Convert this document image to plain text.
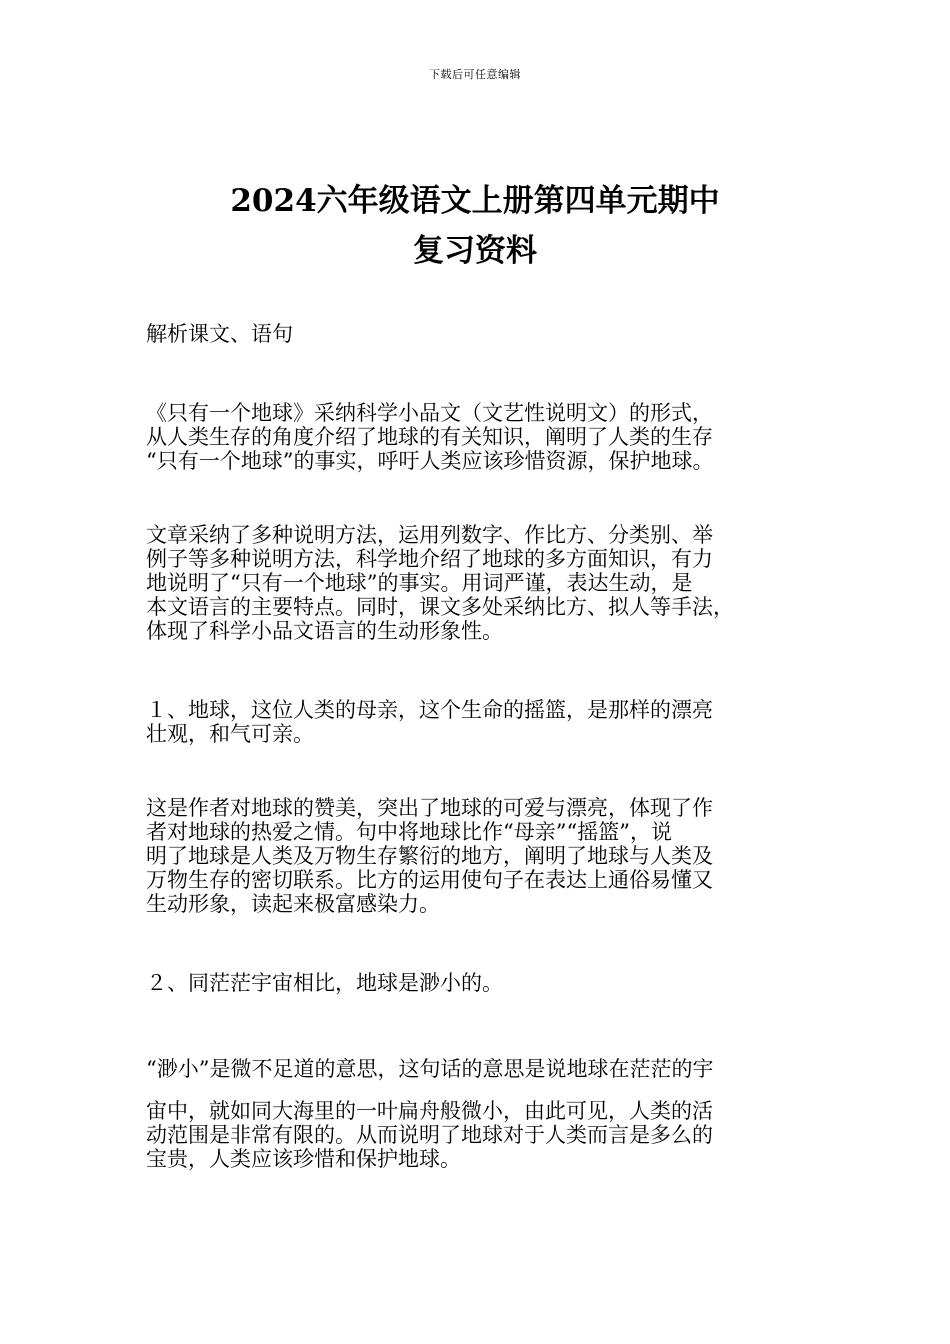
下载后可任意编辑
2024六年级语文上册第四单元期中
复习资料

解析课文、语句

《只有一个地球》采纳科学小品文（文艺性说明文）的形式，
从人类生存的角度介绍了地球的有关知识，阐明了人类的生存
“只有一个地球”的事实，呼吁人类应该珍惜资源，保护地球。

文章采纳了多种说明方法，运用列数字、作比方、分类别、举
例子等多种说明方法，科学地介绍了地球的多方面知识，有力
地说明了“只有一个地球”的事实。用词严谨，表达生动，是
本文语言的主要特点。同时，课文多处采纳比方、拟人等手法，
体现了科学小品文语言的生动形象性。

１、地球，这位人类的母亲，这个生命的摇篮，是那样的漂亮
壮观，和气可亲。

这是作者对地球的赞美，突出了地球的可爱与漂亮，体现了作
者对地球的热爱之情。句中将地球比作“母亲”“摇篮”，说
明了地球是人类及万物生存繁衍的地方，阐明了地球与人类及
万物生存的密切联系。比方的运用使句子在表达上通俗易懂又
生动形象，读起来极富感染力。

２、同茫茫宇宙相比，地球是渺小的。

“渺小”是微不足道的意思，这句话的意思是说地球在茫茫的宇

宙中，就如同大海里的一叶扁舟般微小，由此可见，人类的活
动范围是非常有限的。从而说明了地球对于人类而言是多么的
宝贵，人类应该珍惜和保护地球。
